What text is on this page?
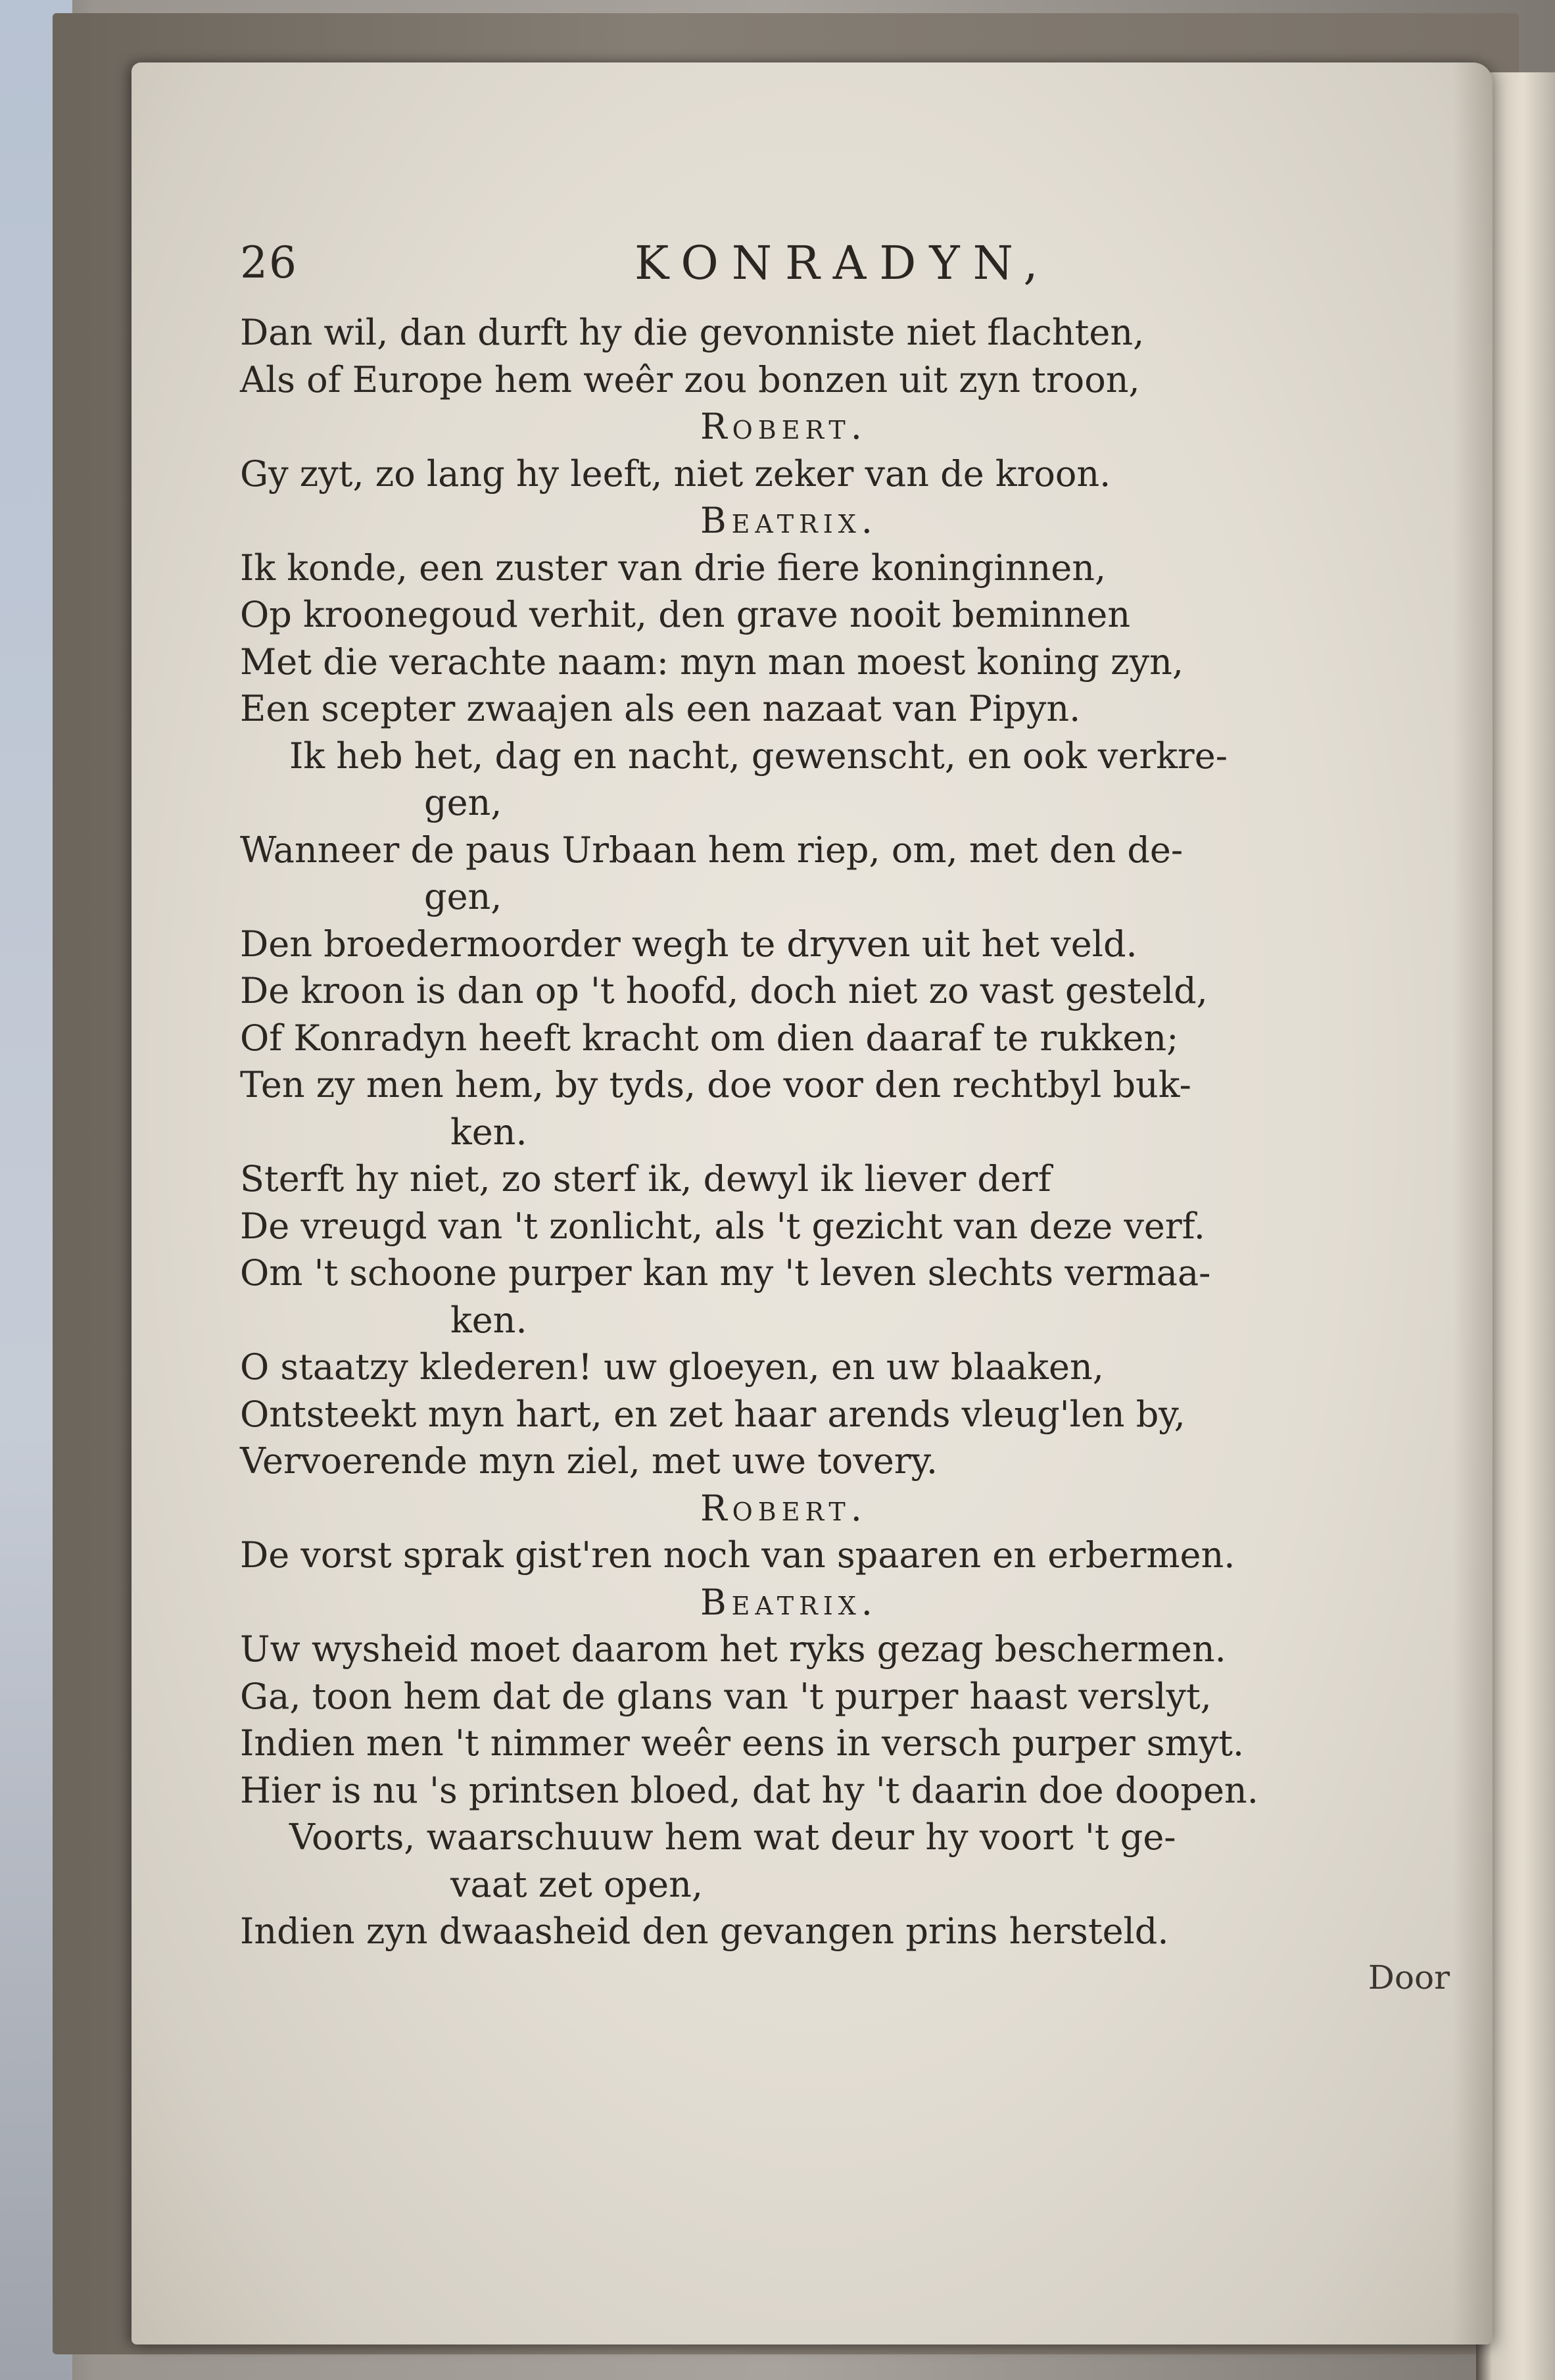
26	KONRADYN,
Dan wil, dan durft hy die gevonniste niet flachten,
Als of Europe hem weêr zou bonzen uit zyn troon,
Robert.
Gy zyt, zo lang hy leeft, niet zeker van de kroon.
Beatrix.
Ik konde, een zuster van drie fiere koninginnen,
Op kroonegoud verhit, den grave nooit beminnen
Met die verachte naam: myn man moest koning zyn,
Een scepter zwaajen als een nazaat van Pipyn.
Ik heb het, dag en nacht, gewenscht, en ook verkre-
gen,
Wanneer de paus Urbaan hem riep, om, met den de-
gen,
Den broedermoorder wegh te dryven uit het veld.
De kroon is dan op 't hoofd, doch niet zo vast gesteld,
Of Konradyn heeft kracht om dien daaraf te rukken;
Ten zy men hem, by tyds, doe voor den rechtbyl buk-
ken.
Sterft hy niet, zo sterf ik, dewyl ik liever derf
De vreugd van 't zonlicht, als 't gezicht van deze verf.
Om 't schoone purper kan my 't leven slechts vermaa-
ken.
O staatzy klederen! uw gloeyen, en uw blaaken,
Ontsteekt myn hart, en zet haar arends vleug'len by,
Vervoerende myn ziel, met uwe tovery.
Robert.
De vorst sprak gist'ren noch van spaaren en erbermen.
Beatrix.
Uw wysheid moet daarom het ryks gezag beschermen.
Ga, toon hem dat de glans van 't purper haast verslyt,
Indien men 't nimmer weêr eens in versch purper smyt.
Hier is nu 's printsen bloed, dat hy 't daarin doe doopen.
Voorts, waarschuuw hem wat deur hy voort 't ge-
vaat zet open,
Indien zyn dwaasheid den gevangen prins hersteld.
Door
